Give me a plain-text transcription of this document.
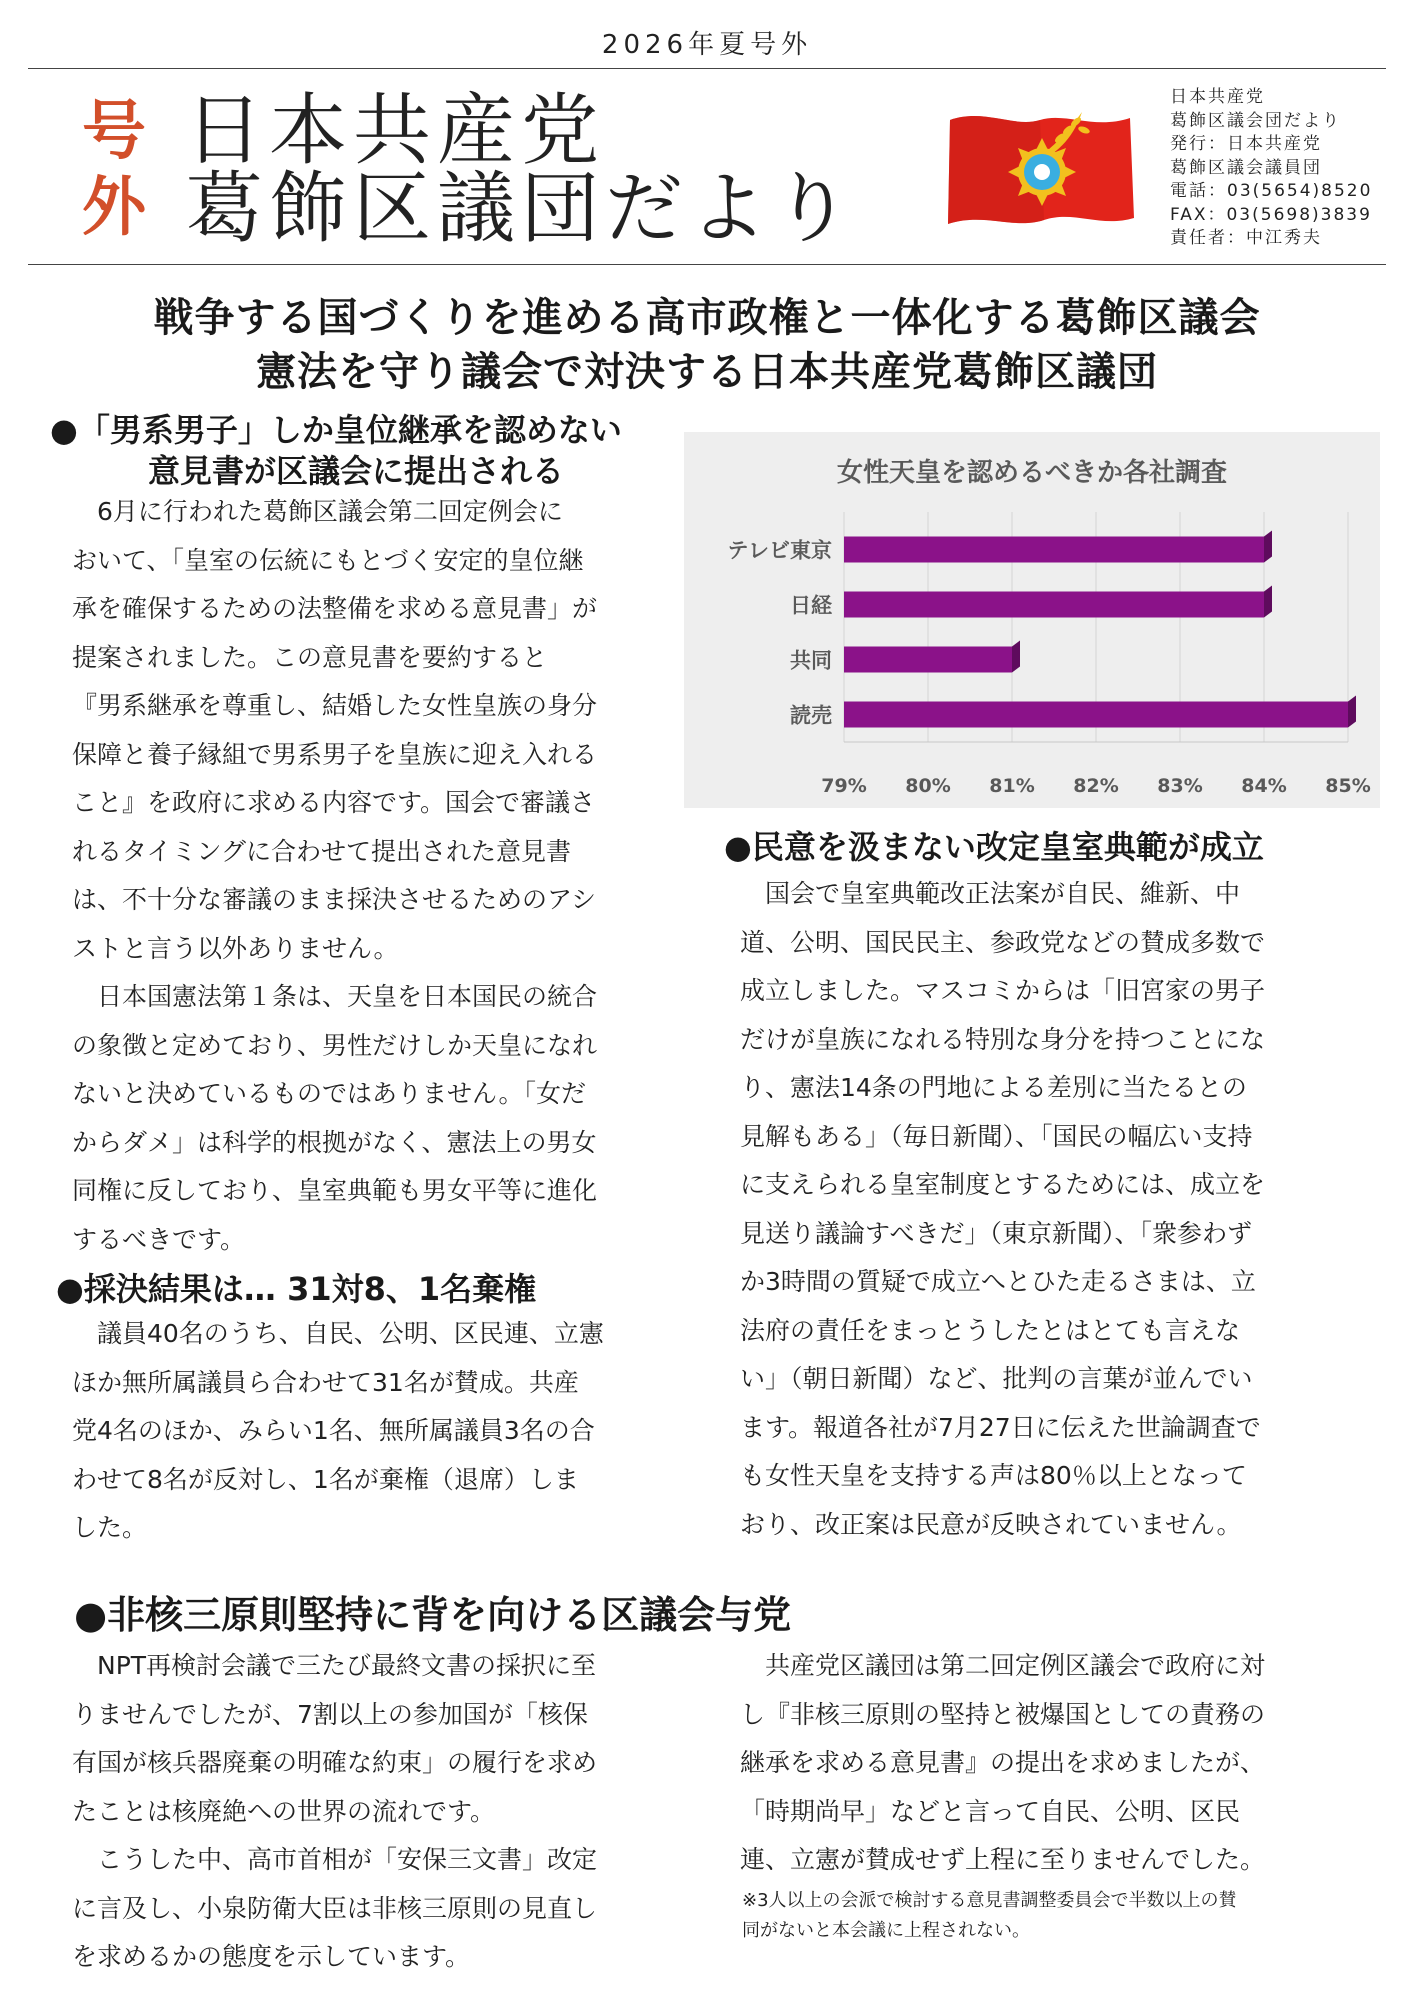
2026年夏号外
号
外
日本共産党
葛飾区議団だより
日本共産党
葛飾区議会団だより
発行：日本共産党
葛飾区議会議員団
電話：03(5654)8520
FAX：03(5698)3839
責任者：中江秀夫
戦争する国づくりを進める高市政権と一体化する葛飾区議会
憲法を守り議会で対決する日本共産党葛飾区議団
●「男系男子」しか皇位継承を認めない
意見書が区議会に提出される
　6月に行われた葛飾区議会第二回定例会に
おいて、「皇室の伝統にもとづく安定的皇位継
承を確保するための法整備を求める意見書」が
提案されました。この意見書を要約すると
『男系継承を尊重し、結婚した女性皇族の身分
保障と養子縁組で男系男子を皇族に迎え入れる
こと』を政府に求める内容です。国会で審議さ
れるタイミングに合わせて提出された意見書
は、不十分な審議のまま採決させるためのアシ
ストと言う以外ありません。
　日本国憲法第１条は、天皇を日本国民の統合
の象徴と定めており、男性だけしか天皇になれ
ないと決めているものではありません。「女だ
からダメ」は科学的根拠がなく、憲法上の男女
同権に反しており、皇室典範も男女平等に進化
するべきです。
●採決結果は… 31対8、1名棄権
　議員40名のうち、自民、公明、区民連、立憲
ほか無所属議員ら合わせて31名が賛成。共産
党4名のほか、みらい1名、無所属議員3名の合
わせて8名が反対し、1名が棄権（退席）しま
した。
女性天皇を認めるべきか各社調査
79% 80% 81% 82% 83% 84% 85%
テレビ東京
日経
共同
読売
●民意を汲まない改定皇室典範が成立
　国会で皇室典範改正法案が自民、維新、中
道、公明、国民民主、参政党などの賛成多数で
成立しました。マスコミからは「旧宮家の男子
だけが皇族になれる特別な身分を持つことにな
り、憲法14条の門地による差別に当たるとの
見解もある」（毎日新聞）、「国民の幅広い支持
に支えられる皇室制度とするためには、成立を
見送り議論すべきだ」（東京新聞）、「衆参わず
か3時間の質疑で成立へとひた走るさまは、立
法府の責任をまっとうしたとはとても言えな
い」（朝日新聞）など、批判の言葉が並んでい
ます。報道各社が7月27日に伝えた世論調査で
も女性天皇を支持する声は80％以上となって
おり、改正案は民意が反映されていません。
●非核三原則堅持に背を向ける区議会与党
　NPT再検討会議で三たび最終文書の採択に至
りませんでしたが、7割以上の参加国が「核保
有国が核兵器廃棄の明確な約束」の履行を求め
たことは核廃絶への世界の流れです。
　こうした中、高市首相が「安保三文書」改定
に言及し、小泉防衛大臣は非核三原則の見直し
を求めるかの態度を示しています。
　共産党区議団は第二回定例区議会で政府に対
し『非核三原則の堅持と被爆国としての責務の
継承を求める意見書』の提出を求めましたが、
「時期尚早」などと言って自民、公明、区民
連、立憲が賛成せず上程に至りませんでした。
※3人以上の会派で検討する意見書調整委員会で半数以上の賛
同がないと本会議に上程されない。
